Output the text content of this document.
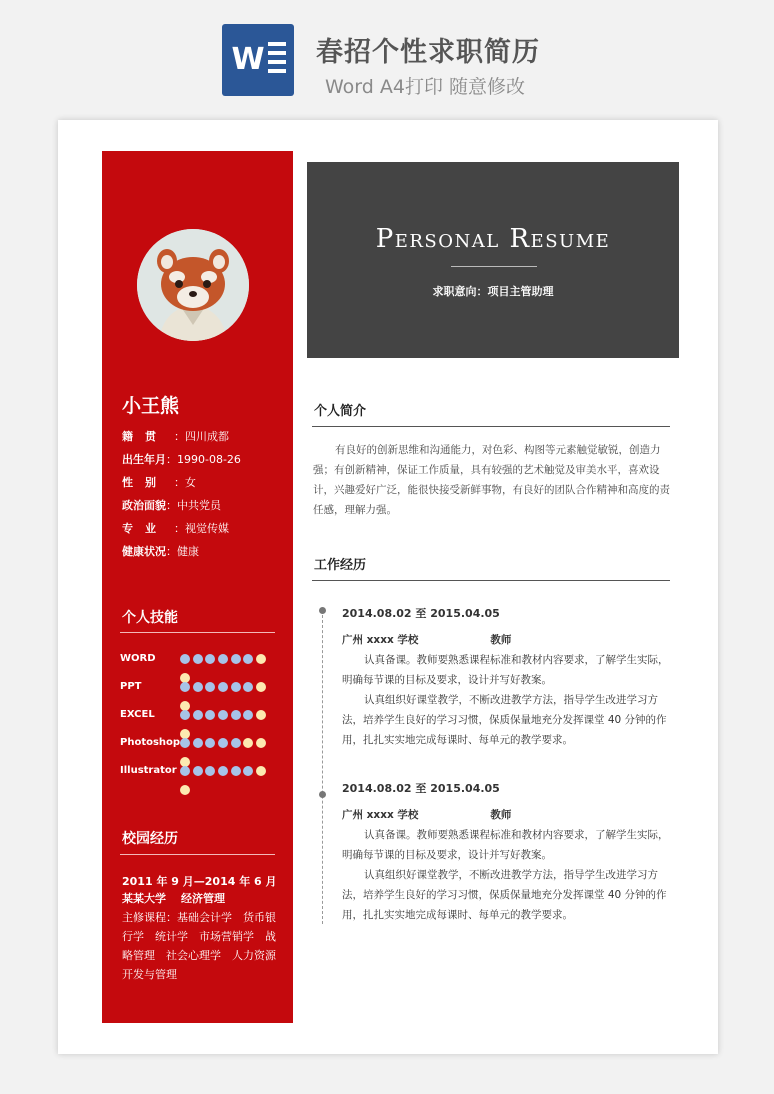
W 春招个性求职简历
Word A4打印 随意修改
小王熊
籍贯 ：四川成都
出生年月：1990-08-26
性别 ：女
政治面貌：中共党员
专业 ：视觉传媒
健康状况：健康
个人技能
WORD
PPT
EXCEL
Photoshop
Illustrator
校园经历
2011 年 9 月—2014 年 6 月
某某大学 经济管理
主修课程：基础会计学　货币银行学　统计学　市场营销学　战略管理　社会心理学　人力资源开发与管理
Personal Resume
求职意向：项目主管助理
个人简介
有良好的创新思维和沟通能力，对色彩、构图等元素触觉敏锐，创造力强；有创新精神，保证工作质量，具有较强的艺术触觉及审美水平，喜欢设计，兴趣爱好广泛，能很快接受新鲜事物，有良好的团队合作精神和高度的责任感，理解力强。
工作经历
2014.08.02 至 2015.04.05
广州 xxxx 学校	教师

认真备课。教师要熟悉课程标准和教材内容要求，了解学生实际，明确每节课的目标及要求，设计并写好教案。

认真组织好课堂教学，不断改进教学方法，指导学生改进学习方法，培养学生良好的学习习惯，保质保量地充分发挥课堂 40 分钟的作用，扎扎实实地完成每课时、每单元的教学要求。

2014.08.02 至 2015.04.05
广州 xxxx 学校	教师

认真备课。教师要熟悉课程标准和教材内容要求，了解学生实际，明确每节课的目标及要求，设计并写好教案。

认真组织好课堂教学，不断改进教学方法，指导学生改进学习方法，培养学生良好的学习习惯，保质保量地充分发挥课堂 40 分钟的作用，扎扎实实地完成每课时、每单元的教学要求。
